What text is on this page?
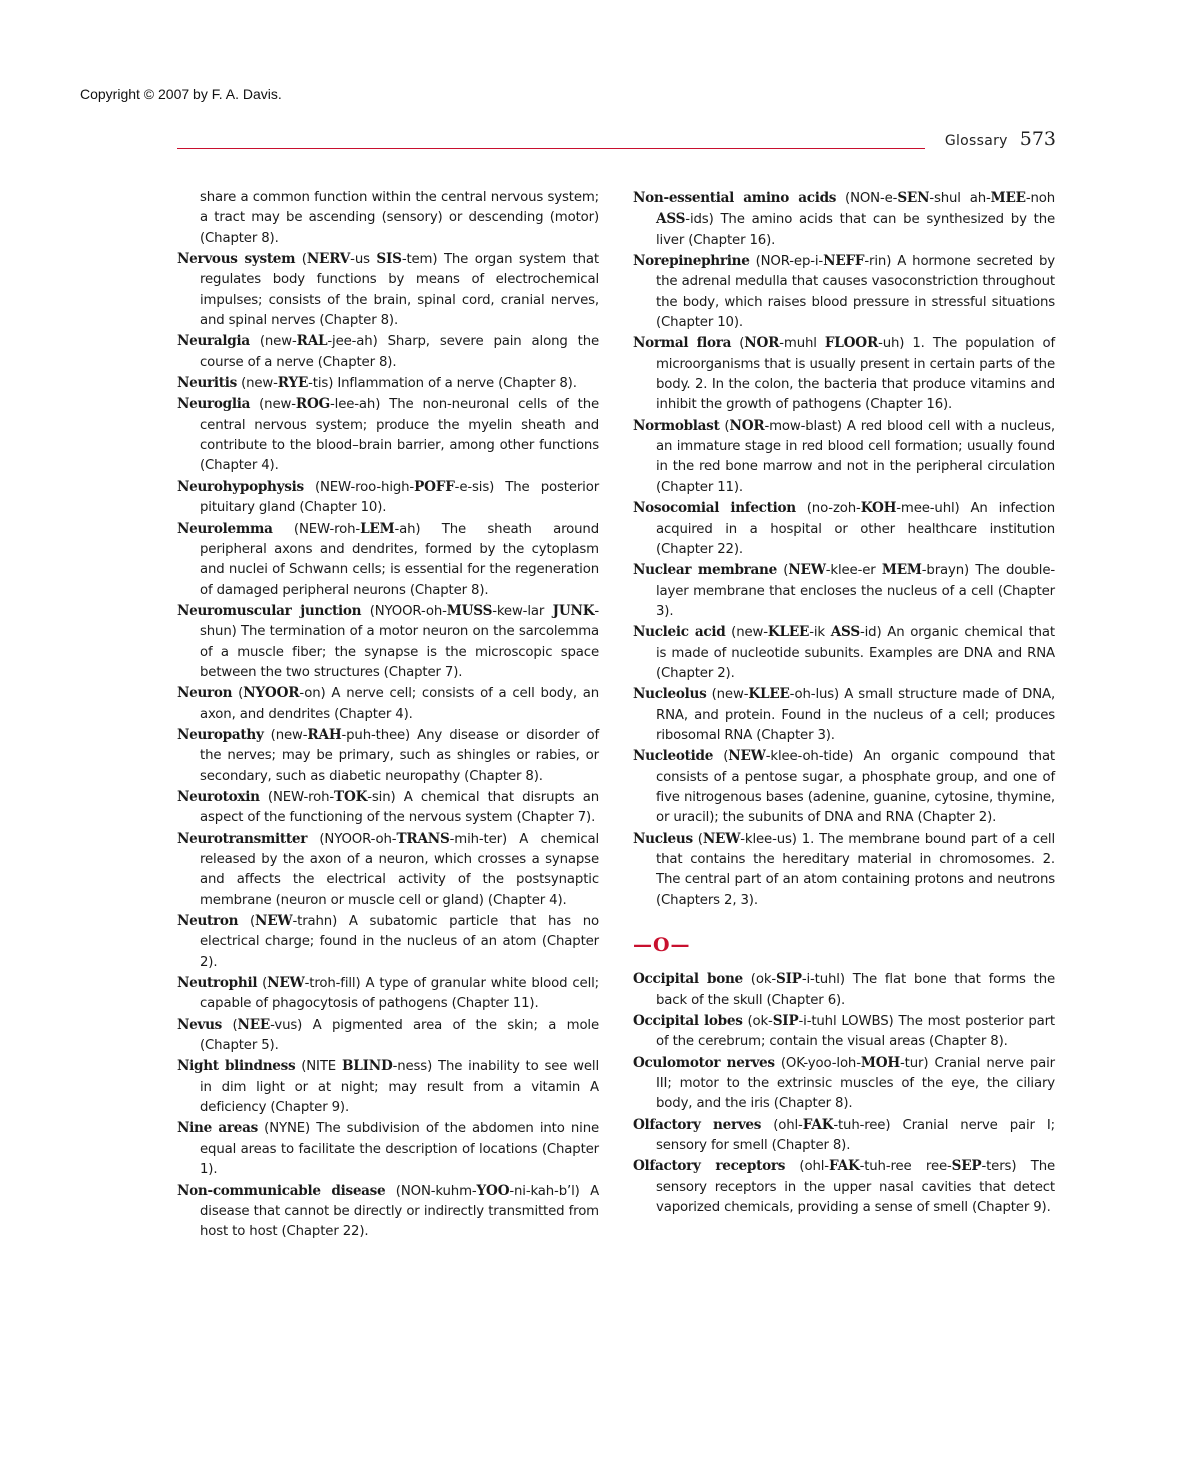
Copyright © 2007 by F. A. Davis.
Glossary 573

share a common function within the central nervous system; a tract may be ascending (sensory) or descending (motor) (Chapter 8).

Nervous system (NERV-us SIS-tem) The organ system that regulates body functions by means of electrochemical impulses; consists of the brain, spinal cord, cranial nerves, and spinal nerves (Chapter 8).

Neuralgia (new-RAL-jee-ah) Sharp, severe pain along the course of a nerve (Chapter 8).

Neuritis (new-RYE-tis) Inflammation of a nerve (Chapter 8).

Neuroglia (new-ROG-lee-ah) The non-neuronal cells of the central nervous system; produce the myelin sheath and contribute to the blood–brain barrier, among other functions (Chapter 4).

Neurohypophysis (NEW-roo-high-POFF-e-sis) The posterior pituitary gland (Chapter 10).

Neurolemma (NEW-roh-LEM-ah) The sheath around peripheral axons and dendrites, formed by the cytoplasm and nuclei of Schwann cells; is essential for the regeneration of damaged peripheral neurons (Chapter 8).

Neuromuscular junction (NYOOR-oh-MUSS-kew-lar JUNK-shun) The termination of a motor neuron on the sarcolemma of a muscle fiber; the synapse is the microscopic space between the two structures (Chapter 7).

Neuron (NYOOR-on) A nerve cell; consists of a cell body, an axon, and dendrites (Chapter 4).

Neuropathy (new-RAH-puh-thee) Any disease or disorder of the nerves; may be primary, such as shingles or rabies, or secondary, such as diabetic neuropathy (Chapter 8).

Neurotoxin (NEW-roh-TOK-sin) A chemical that disrupts an aspect of the functioning of the nervous system (Chapter 7).

Neurotransmitter (NYOOR-oh-TRANS-mih-ter) A chemical released by the axon of a neuron, which crosses a synapse and affects the electrical activity of the postsynaptic membrane (neuron or muscle cell or gland) (Chapter 4).

Neutron (NEW-trahn) A subatomic particle that has no electrical charge; found in the nucleus of an atom (Chapter 2).

Neutrophil (NEW-troh-fill) A type of granular white blood cell; capable of phagocytosis of pathogens (Chapter 11).

Nevus (NEE-vus) A pigmented area of the skin; a mole (Chapter 5).

Night blindness (NITE BLIND-ness) The inability to see well in dim light or at night; may result from a vitamin A deficiency (Chapter 9).

Nine areas (NYNE) The subdivision of the abdomen into nine equal areas to facilitate the description of locations (Chapter 1).

Non-communicable disease (NON-kuhm-YOO-ni-kah-b’l) A disease that cannot be directly or indirectly transmitted from host to host (Chapter 22).

Non-essential amino acids (NON-e-SEN-shul ah-MEE-noh ASS-ids) The amino acids that can be synthesized by the liver (Chapter 16).

Norepinephrine (NOR-ep-i-NEFF-rin) A hormone secreted by the adrenal medulla that causes vasoconstriction throughout the body, which raises blood pressure in stressful situations (Chapter 10).

Normal flora (NOR-muhl FLOOR-uh) 1. The population of microorganisms that is usually present in certain parts of the body. 2. In the colon, the bacteria that produce vitamins and inhibit the growth of pathogens (Chapter 16).

Normoblast (NOR-mow-blast) A red blood cell with a nucleus, an immature stage in red blood cell formation; usually found in the red bone marrow and not in the peripheral circulation (Chapter 11).

Nosocomial infection (no-zoh-KOH-mee-uhl) An infection acquired in a hospital or other healthcare institution (Chapter 22).

Nuclear membrane (NEW-klee-er MEM-brayn) The double-layer membrane that encloses the nucleus of a cell (Chapter 3).

Nucleic acid (new-KLEE-ik ASS-id) An organic chemical that is made of nucleotide subunits. Examples are DNA and RNA (Chapter 2).

Nucleolus (new-KLEE-oh-lus) A small structure made of DNA, RNA, and protein. Found in the nucleus of a cell; produces ribosomal RNA (Chapter 3).

Nucleotide (NEW-klee-oh-tide) An organic compound that consists of a pentose sugar, a phosphate group, and one of five nitrogenous bases (adenine, guanine, cytosine, thymine, or uracil); the subunits of DNA and RNA (Chapter 2).

Nucleus (NEW-klee-us) 1. The membrane bound part of a cell that contains the hereditary material in chromosomes. 2. The central part of an atom containing protons and neutrons (Chapters 2, 3).

—O—

Occipital bone (ok-SIP-i-tuhl) The flat bone that forms the back of the skull (Chapter 6).

Occipital lobes (ok-SIP-i-tuhl LOWBS) The most posterior part of the cerebrum; contain the visual areas (Chapter 8).

Oculomotor nerves (OK-yoo-loh-MOH-tur) Cranial nerve pair III; motor to the extrinsic muscles of the eye, the ciliary body, and the iris (Chapter 8).

Olfactory nerves (ohl-FAK-tuh-ree) Cranial nerve pair I; sensory for smell (Chapter 8).

Olfactory receptors (ohl-FAK-tuh-ree ree-SEP-ters) The sensory receptors in the upper nasal cavities that detect vaporized chemicals, providing a sense of smell (Chapter 9).
